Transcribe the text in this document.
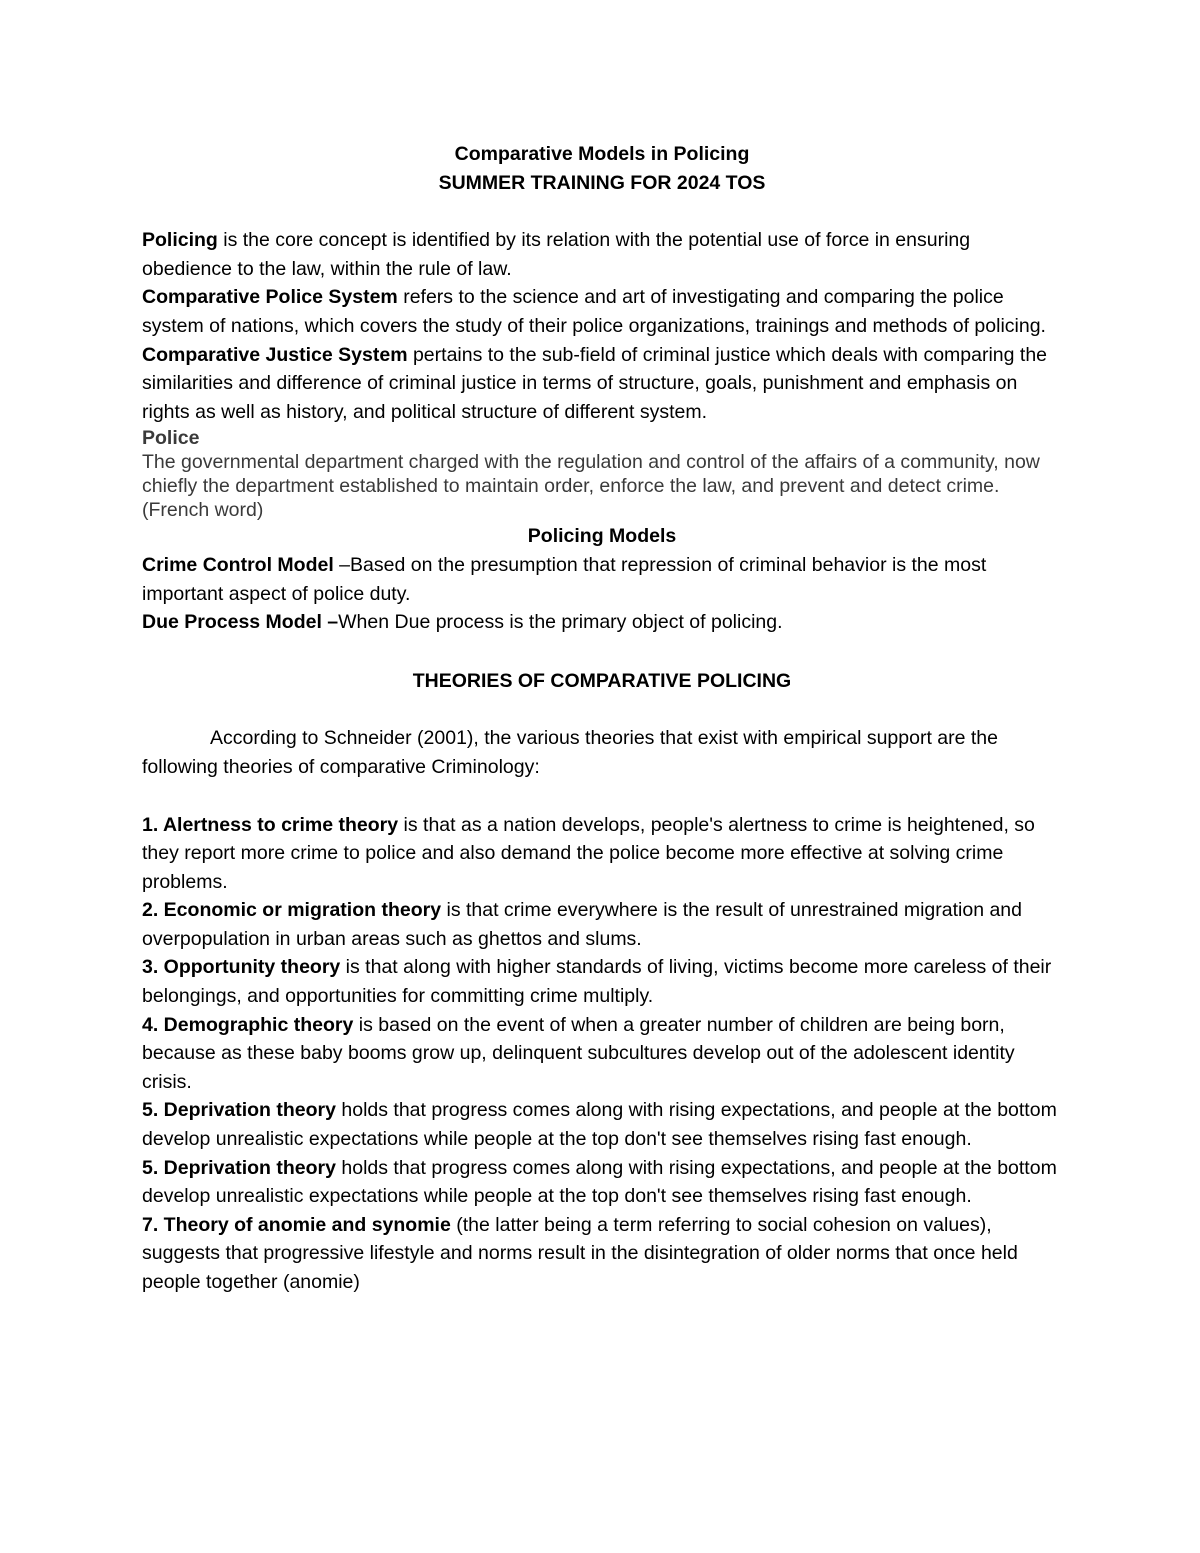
Comparative Models in Policing

SUMMER TRAINING FOR 2024 TOS

Policing is the core concept is identified by its relation with the potential use of force in ensuring obedience to the law, within the rule of law.

Comparative Police System refers to the science and art of investigating and comparing the police system of nations, which covers the study of their police organizations, trainings and methods of policing.

Comparative Justice System pertains to the sub-field of criminal justice which deals with comparing the similarities and difference of criminal justice in terms of structure, goals, punishment and emphasis on rights as well as history, and political structure of different system.

Police

The governmental department charged with the regulation and control of the affairs of a community, now chiefly the department established to maintain order, enforce the law, and prevent and detect crime. (French word)

Policing Models

Crime Control Model –Based on the presumption that repression of criminal behavior is the most important aspect of police duty.

Due Process Model –When Due process is the primary object of policing.

THEORIES OF COMPARATIVE POLICING

According to Schneider (2001), the various theories that exist with empirical support are the following theories of comparative Criminology:

1. Alertness to crime theory is that as a nation develops, people's alertness to crime is heightened, so they report more crime to police and also demand the police become more effective at solving crime problems.

2. Economic or migration theory is that crime everywhere is the result of unrestrained migration and overpopulation in urban areas such as ghettos and slums.

3. Opportunity theory is that along with higher standards of living, victims become more careless of their belongings, and opportunities for committing crime multiply.

4. Demographic theory is based on the event of when a greater number of children are being born, because as these baby booms grow up, delinquent subcultures develop out of the adolescent identity crisis.

5. Deprivation theory holds that progress comes along with rising expectations, and people at the bottom develop unrealistic expectations while people at the top don't see themselves rising fast enough.

5. Deprivation theory holds that progress comes along with rising expectations, and people at the bottom develop unrealistic expectations while people at the top don't see themselves rising fast enough.

7. Theory of anomie and synomie (the latter being a term referring to social cohesion on values), suggests that progressive lifestyle and norms result in the disintegration of older norms that once held people together (anomie)
